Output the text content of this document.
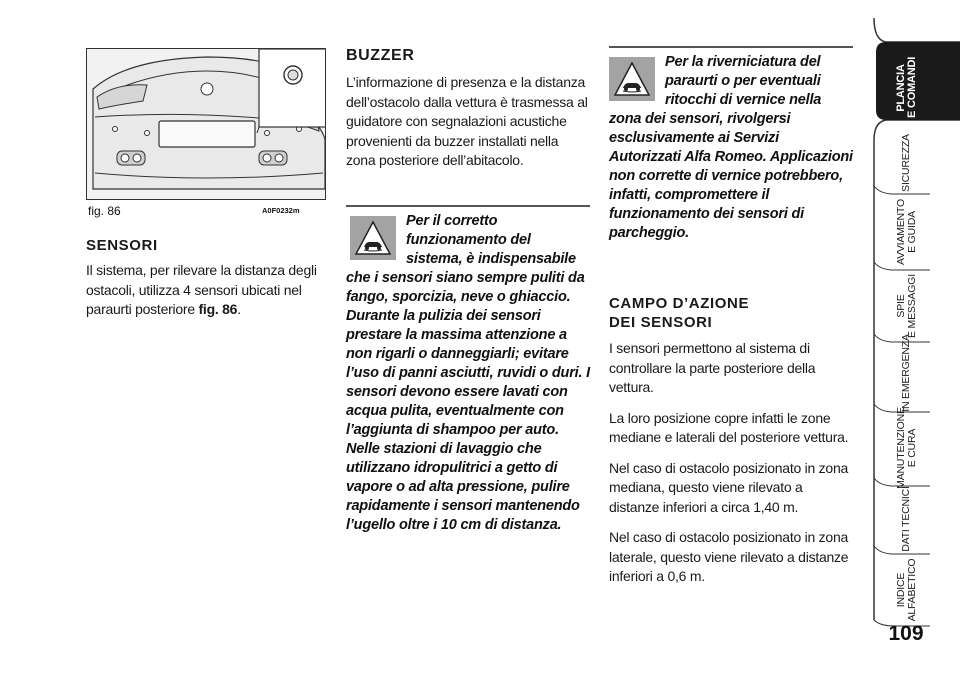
fig. 86	A0F0232m
SENSORI
Il sistema, per rilevare la distanza degli ostacoli, utilizza 4 sensori ubicati nel paraurti posteriore fig. 86.
BUZZER
L’informazione di presenza e la distanza dell’ostacolo dalla vettura è trasmessa al guidatore con segnalazioni acustiche provenienti da buzzer installati nella zona posteriore dell’abitacolo.
Per il corretto funzionamento del sistema, è indispensabile che i sensori siano sempre puliti da fango, sporcizia, neve o ghiaccio. Durante la pulizia dei sensori prestare la massima attenzione a non rigarli o danneggiarli; evitare l’uso di panni asciutti, ruvidi o duri. I sensori devono essere lavati con acqua pulita, eventualmente con l’aggiunta di shampoo per auto. Nelle stazioni di lavaggio che utilizzano idropulitrici a getto di vapore o ad alta pressione, pulire rapidamente i sensori mantenendo l’ugello oltre i 10 cm di distanza.
Per la riverniciatura del paraurti o per eventuali ritocchi di vernice nella zona dei sensori, rivolgersi esclusivamente ai Servizi Autorizzati Alfa Romeo. Applicazioni non corrette di vernice potrebbero, infatti, compromettere il funzionamento dei sensori di parcheggio.
CAMPO D’AZIONE
DEI SENSORI
I sensori permettono al sistema di controllare la parte posteriore della vettura.
La loro posizione copre infatti le zone mediane e laterali del posteriore vettura.
Nel caso di ostacolo posizionato in zona mediana, questo viene rilevato a distanze inferiori a circa 1,40 m.
Nel caso di ostacolo posizionato in zona laterale, questo viene rilevato a distanze inferiori a 0,6 m.
PLANCIA
E COMANDI
SICUREZZA
AVVIAMENTO
E GUIDA
SPIE
E MESSAGGI
IN EMERGENZA
MANUTENZIONE
E CURA
DATI TECNICI
INDICE
ALFABETICO
109
